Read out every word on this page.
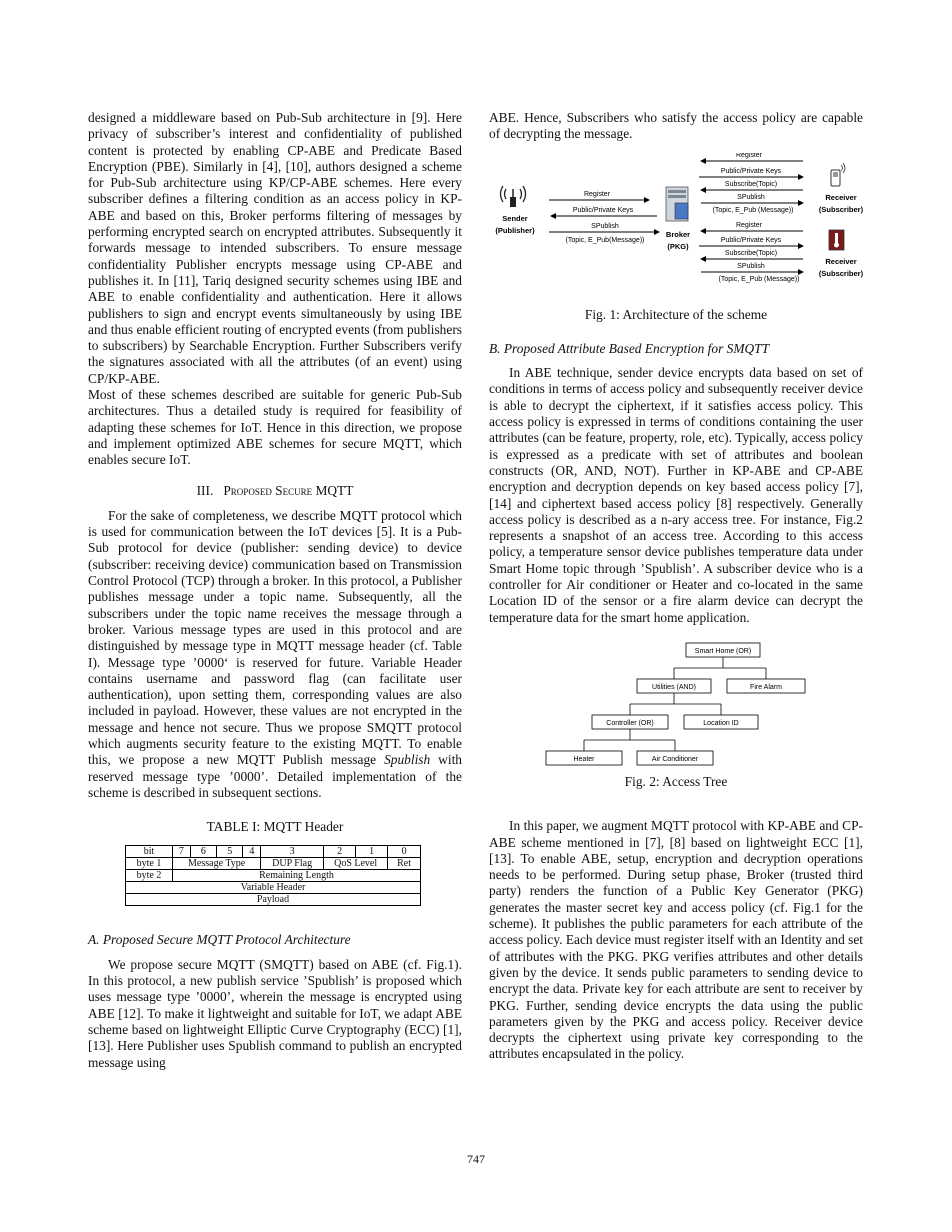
designed a middleware based on Pub-Sub architecture in [9]. Here privacy of subscriber’s interest and confidentiality of published content is protected by enabling CP-ABE and Predicate Based Encryption (PBE). Similarly in [4], [10], authors designed a scheme for Pub-Sub architecture using KP/CP-ABE schemes. Here every subscriber defines a filtering condition as an access policy in KP-ABE and based on this, Broker performs filtering of messages by performing encrypted search on encrypted attributes. Subsequently it forwards message to intended subscribers. To ensure message confidentiality Publisher encrypts message using CP-ABE and publishes it. In [11], Tariq designed security schemes using IBE and ABE to enable confidentiality and authentication. Here it allows publishers to sign and encrypt events simultaneously by using IBE and thus enable efficient routing of encrypted events (from publishers to subscribers) by Searchable Encryption. Further Subscribers verify the signatures associated with all the attributes (of an event) using CP/KP-ABE.

Most of these schemes described are suitable for generic Pub-Sub architectures. Thus a detailed study is required for feasibility of adapting these schemes for IoT. Hence in this direction, we propose and implement optimized ABE schemes for secure MQTT, which enables secure IoT.

III. Proposed Secure MQTT

For the sake of completeness, we describe MQTT protocol which is used for communication between the IoT devices [5]. It is a Pub-Sub protocol for device (publisher: sending device) to device (subscriber: receiving device) communication based on Transmission Control Protocol (TCP) through a broker. In this protocol, a Publisher publishes message under a topic name. Subsequently, all the subscribers under the topic name receives the message through a broker. Various message types are used in this protocol and are distinguished by message type in MQTT message header (cf. Table I). Message type ’0000‘ is reserved for future. Variable Header contains username and password flag (can facilitate user authentication), upon setting them, corresponding values are also included in payload. However, these values are not encrypted in the message and hence not secure. Thus we propose SMQTT protocol which augments security feature to the existing MQTT. To enable this, we propose a new MQTT Publish message Spublish with reserved message type ’0000’. Detailed implementation of the scheme is described in subsequent sections.

TABLE I: MQTT Header
bit	7	6	5	4	3	2	1	0
byte 1	Message Type				DUP Flag	QoS Level		Ret
byte 2	Remaining Length							
Variable Header								
Payload								
A. Proposed Secure MQTT Protocol Architecture

We propose secure MQTT (SMQTT) based on ABE (cf. Fig.1). In this protocol, a new publish service ’Spublish’ is proposed which uses message type ’0000’, wherein the message is encrypted using ABE [12]. To make it lightweight and suitable for IoT, we adapt ABE scheme based on lightweight Elliptic Curve Cryptography (ECC) [1], [13]. Here Publisher uses Spublish command to publish an encrypted message using

ABE. Hence, Subscribers who satisfy the access policy are capable of decrypting the message.

Sender
(Publisher)	Broker
(PKG)
Register
Public/Private Keys
SPublish
(Topic, E_Pub(Message))
Receiver
(Subscriber)
Register
Public/Private Keys
Subscribe(Topic)
SPublish
(Topic, E_Pub (Message))
Receiver
(Subscriber)
Register
Public/Private Keys
Subscribe(Topic)
SPublish
(Topic, E_Pub (Message))
Fig. 1: Architecture of the scheme
B. Proposed Attribute Based Encryption for SMQTT

In ABE technique, sender device encrypts data based on set of conditions in terms of access policy and subsequently receiver device is able to decrypt the ciphertext, if it satisfies access policy. This access policy is expressed in terms of conditions containing the user attributes (can be feature, property, role, etc). Typically, access policy is expressed as a predicate with set of attributes and boolean constructs (OR, AND, NOT). Further in KP-ABE and CP-ABE encryption and decryption depends on key based access policy [7], [14] and ciphertext based access policy [8] respectively. Generally access policy is described as a n-ary access tree. For instance, Fig.2 represents a snapshot of an access tree. According to this access policy, a temperature sensor device publishes temperature data under Smart Home topic through ’Spublish’. A subscriber device who is a controller for Air conditioner or Heater and co-located in the same Location ID of the sensor or a fire alarm device can decrypt the temperature data for the smart home application.

Smart Home (OR)
Utilities (AND)	Fire Alarm
Controller (OR)	Location ID
Heater	Air Conditioner
Fig. 2: Access Tree

In this paper, we augment MQTT protocol with KP-ABE and CP-ABE scheme mentioned in [7], [8] based on lightweight ECC [1], [13]. To enable ABE, setup, encryption and decryption operations needs to be performed. During setup phase, Broker (trusted third party) renders the function of a Public Key Generator (PKG) generates the master secret key and access policy (cf. Fig.1 for the scheme). It publishes the public parameters for each attribute of the access policy. Each device must register itself with an Identity and set of attributes with the PKG. PKG verifies attributes and other details given by the device. It sends public parameters to sending device to encrypt the data. Private key for each attribute are sent to receiver by PKG. Further, sending device encrypts the data using the public parameters given by the PKG and access policy. Receiver device decrypts the ciphertext using private key corresponding to the attributes encapsulated in the policy.

747
